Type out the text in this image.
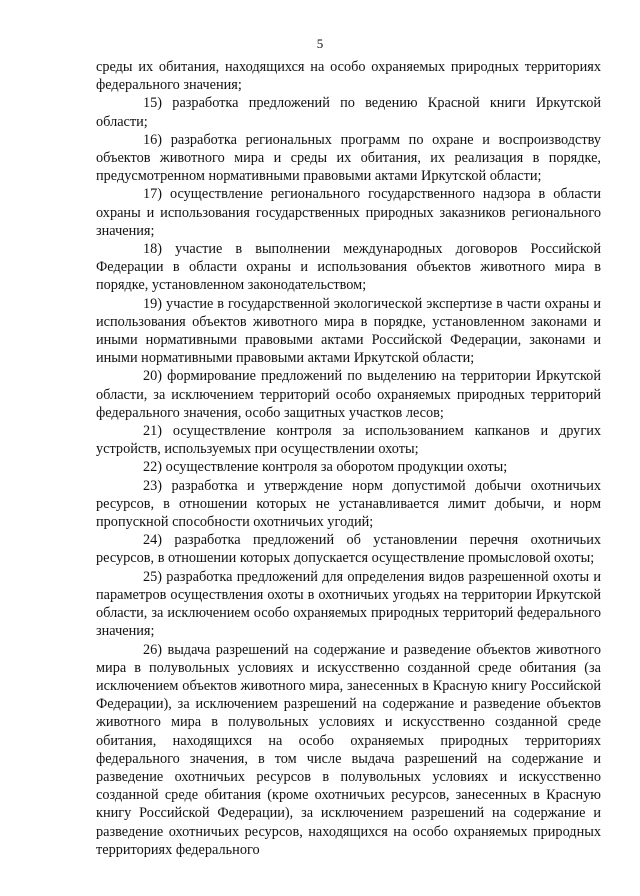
5

среды их обитания, находящихся на особо охраняемых природных территориях федерального значения;

15) разработка предложений по ведению Красной книги Иркутской области;

16) разработка региональных программ по охране и воспроизводству объектов животного мира и среды их обитания, их реализация в порядке, предусмотренном нормативными правовыми актами Иркутской области;

17) осуществление регионального государственного надзора в области охраны и использования государственных природных заказников регионального значения;

18) участие в выполнении международных договоров Российской Федерации в области охраны и использования объектов животного мира в порядке, установленном законодательством;

19) участие в государственной экологической экспертизе в части охраны и использования объектов животного мира в порядке, установленном законами и иными нормативными правовыми актами Российской Федерации, законами и иными нормативными правовыми актами Иркутской области;

20) формирование предложений по выделению на территории Иркутской области, за исключением территорий особо охраняемых природных территорий федерального значения, особо защитных участков лесов;

21) осуществление контроля за использованием капканов и других устройств, используемых при осуществлении охоты;

22) осуществление контроля за оборотом продукции охоты;

23) разработка и утверждение норм допустимой добычи охотничьих ресурсов, в отношении которых не устанавливается лимит добычи, и норм пропускной способности охотничьих угодий;

24) разработка предложений об установлении перечня охотничьих ресурсов, в отношении которых допускается осуществление промысловой охоты;

25) разработка предложений для определения видов разрешенной охоты и параметров осуществления охоты в охотничьих угодьях на территории Иркутской области, за исключением особо охраняемых природных территорий федерального значения;

26) выдача разрешений на содержание и разведение объектов животного мира в полувольных условиях и искусственно созданной среде обитания (за исключением объектов животного мира, занесенных в Красную книгу Российской Федерации), за исключением разрешений на содержание и разведение объектов животного мира в полувольных условиях и искусственно созданной среде обитания, находящихся на особо охраняемых природных территориях федерального значения, в том числе выдача разрешений на содержание и разведение охотничьих ресурсов в полувольных условиях и искусственно созданной среде обитания (кроме охотничьих ресурсов, занесенных в Красную книгу Российской Федерации), за исключением разрешений на содержание и разведение охотничьих ресурсов, находящихся на особо охраняемых природных территориях федерального
